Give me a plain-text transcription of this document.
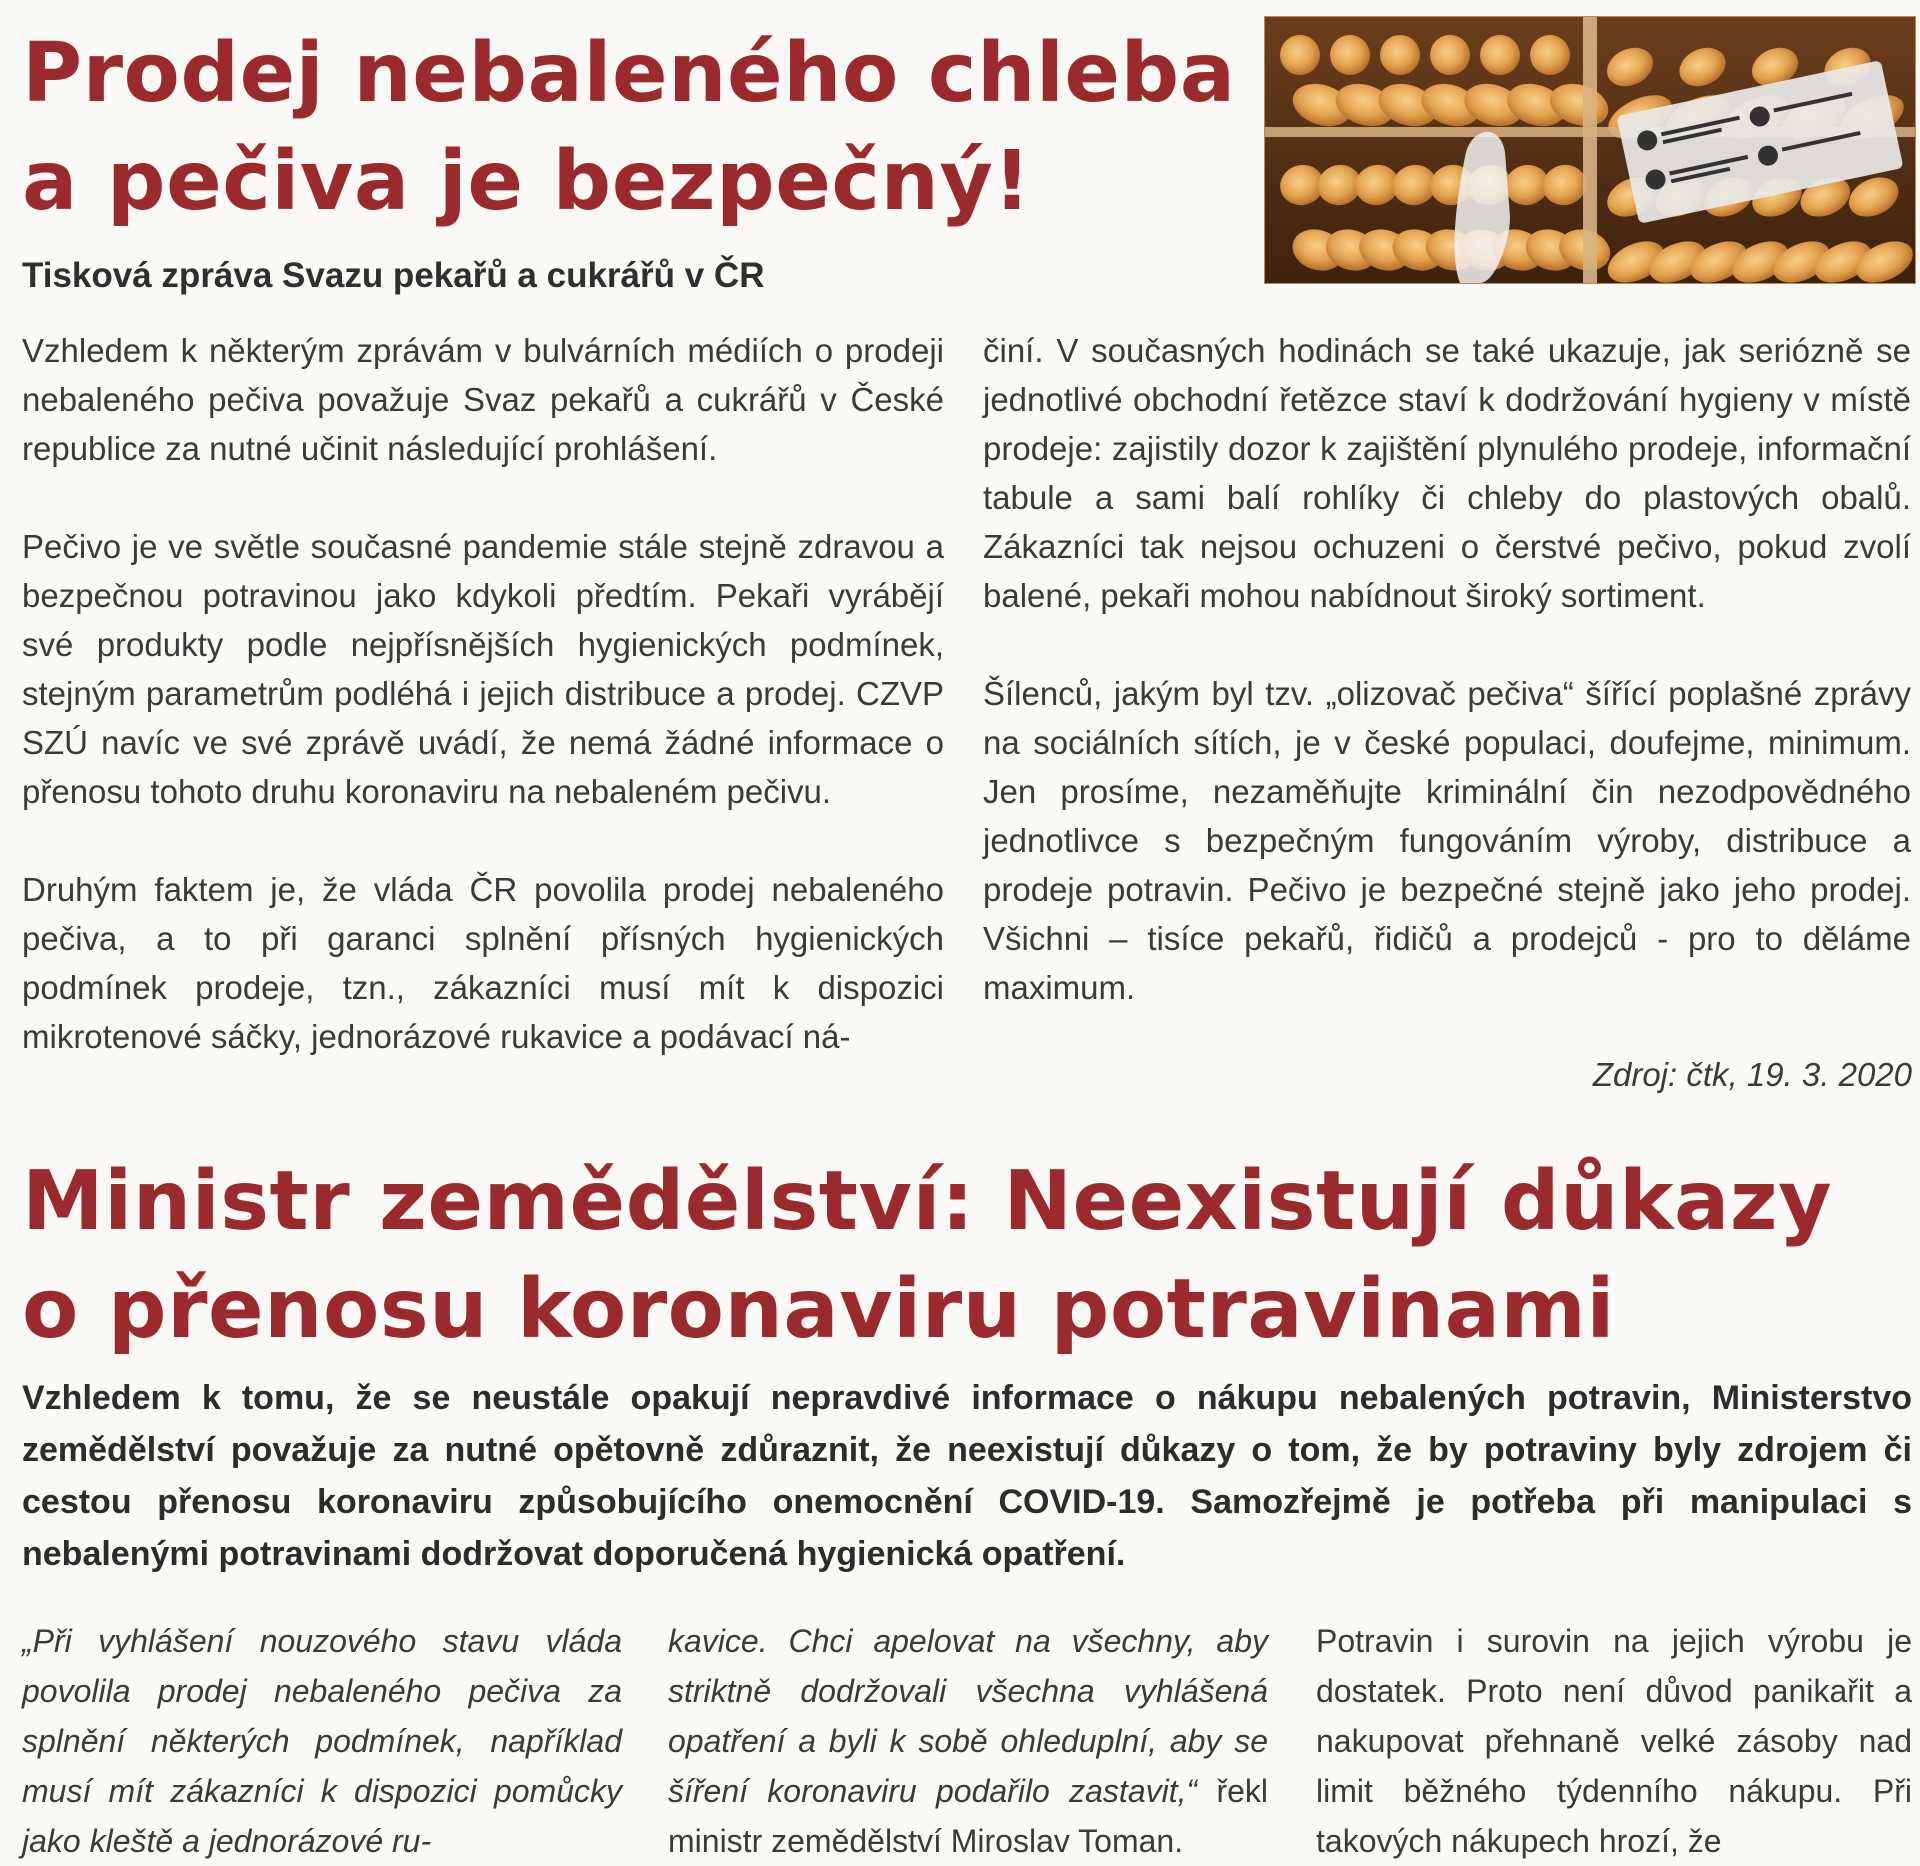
Prodej nebaleného chleba
a pečiva je bezpečný!

Tisková zpráva Svazu pekařů a cukrářů v ČR

Vzhledem k některým zprávám v bulvárních médiích o prodeji nebaleného pečiva považuje Svaz pekařů a cukrářů v České republice za nutné učinit následující prohlášení.

Pečivo je ve světle současné pandemie stále stejně zdravou a bezpečnou potravinou jako kdykoli předtím. Pekaři vyrábějí své produkty podle nejpřísnějších hygienických podmínek, stejným parametrům podléhá i jejich distribuce a prodej. CZVP SZÚ navíc ve své zprávě uvádí, že nemá žádné informace o přenosu tohoto druhu koronaviru na nebaleném pečivu.

Druhým faktem je, že vláda ČR povolila prodej nebaleného pečiva, a to při garanci splnění přísných hygienických podmínek prodeje, tzn., zákazníci musí mít k dispozici mikrotenové sáčky, jednorázové rukavice a podávací ná-

činí. V současných hodinách se také ukazuje, jak seriózně se jednotlivé obchodní řetězce staví k dodržování hygieny v místě prodeje: zajistily dozor k zajištění plynulého prodeje, informační tabule a sami balí rohlíky či chleby do plastových obalů. Zákazníci tak nejsou ochuzeni o čerstvé pečivo, pokud zvolí balené, pekaři mohou nabídnout široký sortiment.

Šílenců, jakým byl tzv. „olizovač pečiva“ šířící poplašné zprávy na sociálních sítích, je v české populaci, doufejme, minimum. Jen prosíme, nezaměňujte kriminální čin nezodpovědného jednotlivce s bezpečným fungováním výroby, distribuce a prodeje potravin. Pečivo je bezpečné stejně jako jeho prodej. Všichni – tisíce pekařů, řidičů a prodejců - pro to děláme maximum.

Zdroj: čtk, 19. 3. 2020

Ministr zemědělství: Neexistují důkazy
o přenosu koronaviru potravinami

Vzhledem k tomu, že se neustále opakují nepravdivé informace o nákupu nebalených potravin, Ministerstvo zemědělství považuje za nutné opětovně zdůraznit, že neexistují důkazy o tom, že by potraviny byly zdrojem či cestou přenosu koronaviru způsobujícího onemocnění COVID-19. Samozřejmě je potřeba při manipulaci s nebalenými potravinami dodržovat doporučená hygienická opatření.

„Při vyhlášení nouzového stavu vláda povolila prodej nebaleného pečiva za splnění některých podmínek, například musí mít zákazníci k dispozici pomůcky jako kleště a jednorázové ru-

kavice. Chci apelovat na všechny, aby striktně dodržovali všechna vyhlášená opatření a byli k sobě ohleduplní, aby se šíření koronaviru podařilo zastavit,“ řekl ministr zemědělství Miroslav Toman.

Potravin i surovin na jejich výrobu je dostatek. Proto není důvod panikařit a nakupovat přehnaně velké zásoby nad limit běžného týdenního nákupu. Při takových nákupech hrozí, že
